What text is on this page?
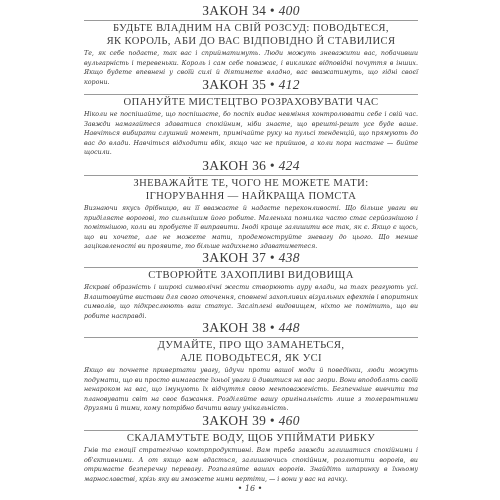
ЗАКОН 34 • 400
БУДЬТЕ ВЛАДНИМ НА СВІЙ РОЗСУД: ПОВОДЬТЕСЯ,
ЯК КОРОЛЬ, АБИ ДО ВАС ВІДПОВІДНО Й СТАВИЛИСЯ
Те, як себе подаєте, так вас і сприйматимуть. Люди можуть зневажити вас, побачивши вульгарність і теревеньки. Король і сам себе поважає, і викликає відповідні почуття в інших. Якщо будете впевнені у своїй силі й діятимете владно, вас вважатимуть, що гідні своєї корони.	ЗАКОН 35 • 412
ОПАНУЙТЕ МИСТЕЦТВО РОЗРАХОВУВАТИ ЧАС
Ніколи не поспішайте, що поспішаєте, бо поспіх видає невміння контролювати себе і свій час. Завжди намагайтеся здаватися спокійним, ніби знаєте, що врешті-решт усе буде ваше. Навчіться вибирати слушний момент, примічайте руку на пульсі тенденцій, що прямують до вас до влади. Навчіться відходити вбік, якщо час не прийшов, а коли пора настане — бийте щосили.
ЗАКОН 36 • 424
ЗНЕВАЖАЙТЕ ТЕ, ЧОГО НЕ МОЖЕТЕ МАТИ:
ІГНОРУВАННЯ — НАЙКРАЩА ПОМСТА
Визнаючи якусь дрібницю, ви її вважаєте й надаєте переконливості. Що більше уваги ви приділяєте ворогові, то сильнішим його робите. Маленька помилка часто стає серйознішою і помітнішою, коли ви пробуєте її виправити. Іноді краще залишити все так, як є. Якщо є щось, що ви хочете, але не можете мати, продемонструйте зневагу до цього. Що менше зацікавленості ви проявите, то більше надихнемо здаватиметеся.
ЗАКОН 37 • 438
СТВОРЮЙТЕ ЗАХОПЛИВІ ВИДОВИЩА
Яскраві образність і широкі символічні жести створюють ауру влади, на тлах реагують усі. Влаштовуйте вистави для свого оточення, сповнені захопливих візуальних ефектів і впоритних символів, що підкреслюють ваш статус. Засліплені видовищем, ніхто не помітить, що ви робите насправді.
ЗАКОН 38 • 448
ДУМАЙТЕ, ПРО ЩО ЗАМАНЕТЬСЯ,
АЛЕ ПОВОДЬТЕСЯ, ЯК УСІ
Якщо ви почнете привертати увагу, йдучи проти вашої моди й поведінки, люди можуть подумати, що ви просто вимагаєте їхньої уваги й дивитися на вас згори. Вони вподоблять своїй ненароком на вас, що імунують їх відчуття свою менповаженість. Безпечніше вивчити та плановувати світ на своє бажання. Розділяйте вашу оригінальність лише з толерантними друзями й тими, кому потрібно бачити вашу унікальність.
ЗАКОН 39 • 460
СКАЛАМУТЬТЕ ВОДУ, ЩОБ УПІЙМАТИ РИБКУ
Гнів та емоції стратегічно контрпродуктивні. Вам треба завжди залишатися спокійними і об'єктивними. А от якщо вам вдасться, залишаючись спокійним, розлютити ворогів, ви отримаєте безперечну перевагу. Розпаляйте ваших ворогів. Знайдіть шпаринку в їхньому марнославстві, крізь яку ви зможете ними вертіти, — і вони у вас на гачку.
• 16 •
